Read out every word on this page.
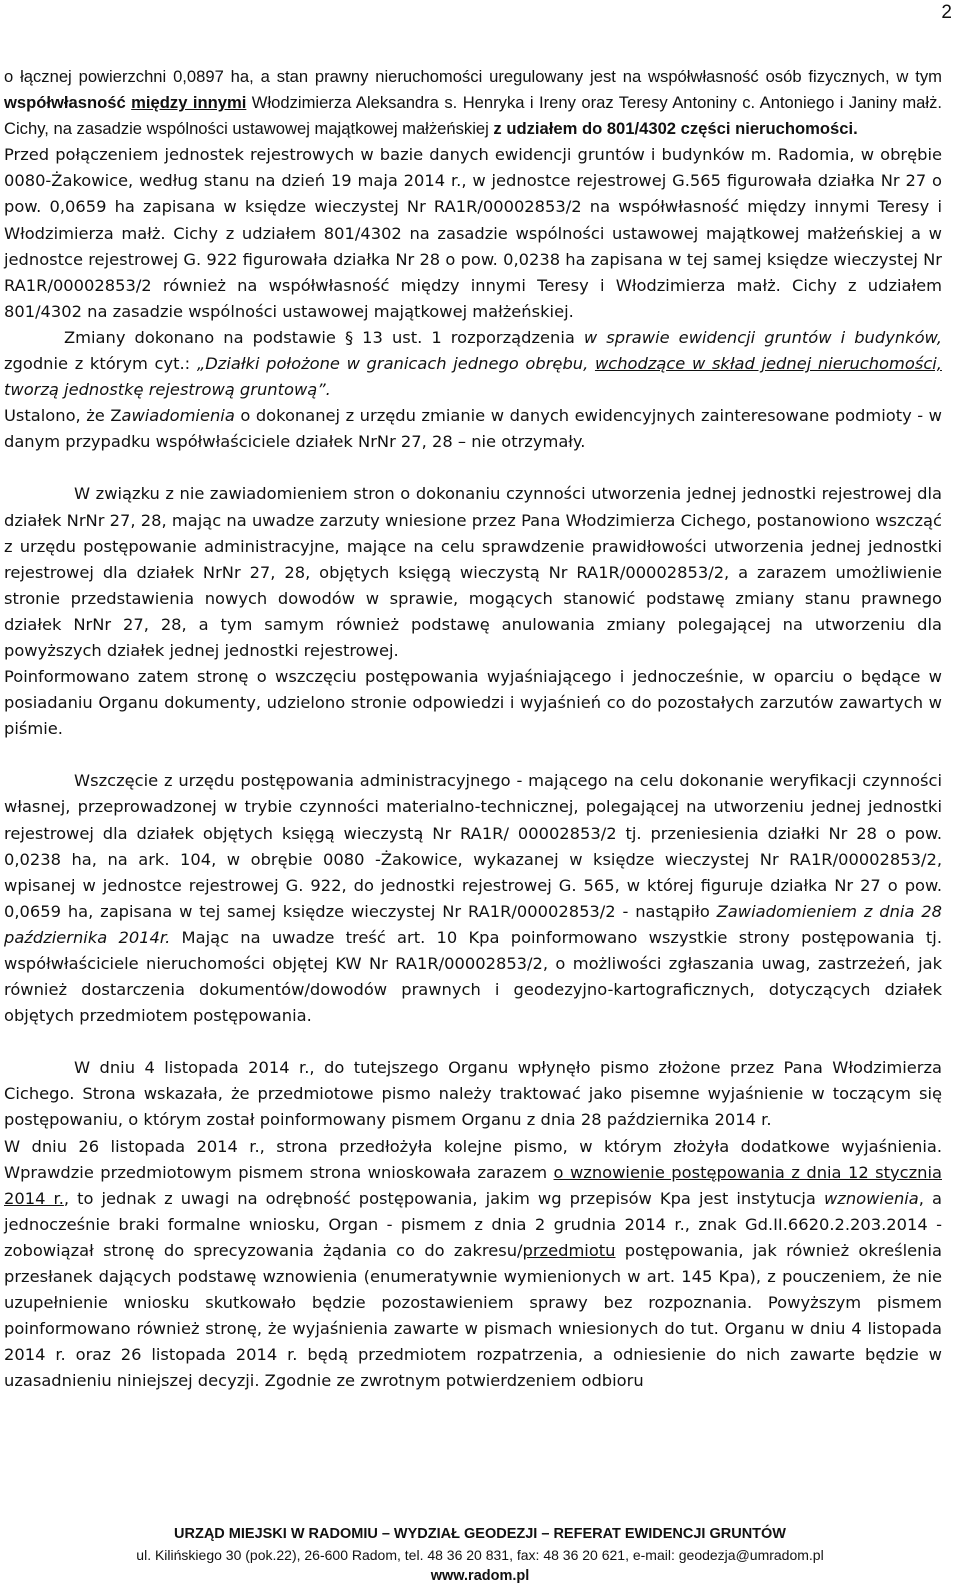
2

o łącznej powierzchni 0,0897 ha, a stan prawny nieruchomości uregulowany jest na współwłasność osób fizycznych, w tym współwłasność między innymi Włodzimierza Aleksandra s. Henryka i Ireny oraz Teresy Antoniny c. Antoniego i Janiny małż. Cichy, na zasadzie wspólności ustawowej majątkowej małżeńskiej z udziałem do 801/4302 części nieruchomości.

Przed połączeniem jednostek rejestrowych w bazie danych ewidencji gruntów i budynków m. Radomia, w obrębie 0080-Żakowice, według stanu na dzień 19 maja 2014 r., w jednostce rejestrowej G.565 figurowała działka Nr 27 o pow. 0,0659 ha zapisana w księdze wieczystej Nr RA1R/00002853/2 na współwłasność między innymi Teresy i Włodzimierza małż. Cichy z udziałem 801/4302 na zasadzie wspólności ustawowej majątkowej małżeńskiej a w jednostce rejestrowej G. 922 figurowała działka Nr 28 o pow. 0,0238 ha zapisana w tej samej księdze wieczystej Nr RA1R/00002853/2 również na współwłasność między innymi Teresy i Włodzimierza małż. Cichy z udziałem 801/4302 na zasadzie wspólności ustawowej majątkowej małżeńskiej.

Zmiany dokonano na podstawie § 13 ust. 1 rozporządzenia w sprawie ewidencji gruntów i budynków, zgodnie z którym cyt.: „Działki położone w granicach jednego obrębu, wchodzące w skład jednej nieruchomości, tworzą jednostkę rejestrową gruntową”.

Ustalono, że Zawiadomienia o dokonanej z urzędu zmianie w danych ewidencyjnych zainteresowane podmioty - w danym przypadku współwłaściciele działek NrNr 27, 28 – nie otrzymały.

W związku z nie zawiadomieniem stron o dokonaniu czynności utworzenia jednej jednostki rejestrowej dla działek NrNr 27, 28, mając na uwadze zarzuty wniesione przez Pana Włodzimierza Cichego, postanowiono wszcząć z urzędu postępowanie administracyjne, mające na celu sprawdzenie prawidłowości utworzenia jednej jednostki rejestrowej dla działek NrNr 27, 28, objętych księgą wieczystą Nr RA1R/00002853/2, a zarazem umożliwienie stronie przedstawienia nowych dowodów w sprawie, mogących stanowić podstawę zmiany stanu prawnego działek NrNr 27, 28, a tym samym również podstawę anulowania zmiany polegającej na utworzeniu dla powyższych działek jednej jednostki rejestrowej.

Poinformowano zatem stronę o wszczęciu postępowania wyjaśniającego i jednocześnie, w oparciu o będące w posiadaniu Organu dokumenty, udzielono stronie odpowiedzi i wyjaśnień co do pozostałych zarzutów zawartych w piśmie.

Wszczęcie z urzędu postępowania administracyjnego - mającego na celu dokonanie weryfikacji czynności własnej, przeprowadzonej w trybie czynności materialno-technicznej, polegającej na utworzeniu jednej jednostki rejestrowej dla działek objętych księgą wieczystą Nr RA1R/ 00002853/2 tj. przeniesienia działki Nr 28 o pow. 0,0238 ha, na ark. 104, w obrębie 0080 -Żakowice, wykazanej w księdze wieczystej Nr RA1R/00002853/2, wpisanej w jednostce rejestrowej G. 922, do jednostki rejestrowej G. 565, w której figuruje działka Nr 27 o pow. 0,0659 ha, zapisana w tej samej księdze wieczystej Nr RA1R/00002853/2 - nastąpiło Zawiadomieniem z dnia 28 października 2014r. Mając na uwadze treść art. 10 Kpa poinformowano wszystkie strony postępowania tj. współwłaściciele nieruchomości objętej KW Nr RA1R/00002853/2, o możliwości zgłaszania uwag, zastrzeżeń, jak również dostarczenia dokumentów/dowodów prawnych i geodezyjno-kartograficznych, dotyczących działek objętych przedmiotem postępowania.

W dniu 4 listopada 2014 r., do tutejszego Organu wpłynęło pismo złożone przez Pana Włodzimierza Cichego. Strona wskazała, że przedmiotowe pismo należy traktować jako pisemne wyjaśnienie w toczącym się postępowaniu, o którym został poinformowany pismem Organu z dnia 28 października 2014 r.

W dniu 26 listopada 2014 r., strona przedłożyła kolejne pismo, w którym złożyła dodatkowe wyjaśnienia. Wprawdzie przedmiotowym pismem strona wnioskowała zarazem o wznowienie postępowania z dnia 12 stycznia 2014 r., to jednak z uwagi na odrębność postępowania, jakim wg przepisów Kpa jest instytucja wznowienia, a jednocześnie braki formalne wniosku, Organ - pismem z dnia 2 grudnia 2014 r., znak Gd.II.6620.2.203.2014 - zobowiązał stronę do sprecyzowania żądania co do zakresu/przedmiotu postępowania, jak również określenia przesłanek dających podstawę wznowienia (enumeratywnie wymienionych w art. 145 Kpa), z pouczeniem, że nie uzupełnienie wniosku skutkowało będzie pozostawieniem sprawy bez rozpoznania. Powyższym pismem poinformowano również stronę, że wyjaśnienia zawarte w pismach wniesionych do tut. Organu w dniu 4 listopada 2014 r. oraz 26 listopada 2014 r. będą przedmiotem rozpatrzenia, a odniesienie do nich zawarte będzie w uzasadnieniu niniejszej decyzji. Zgodnie ze zwrotnym potwierdzeniem odbioru

URZĄD MIEJSKI W RADOMIU – WYDZIAŁ GEODEZJI – REFERAT EWIDENCJI GRUNTÓW
ul. Kilińskiego 30 (pok.22), 26-600 Radom, tel. 48 36 20 831, fax: 48 36 20 621, e-mail: geodezja@umradom.pl
www.radom.pl
